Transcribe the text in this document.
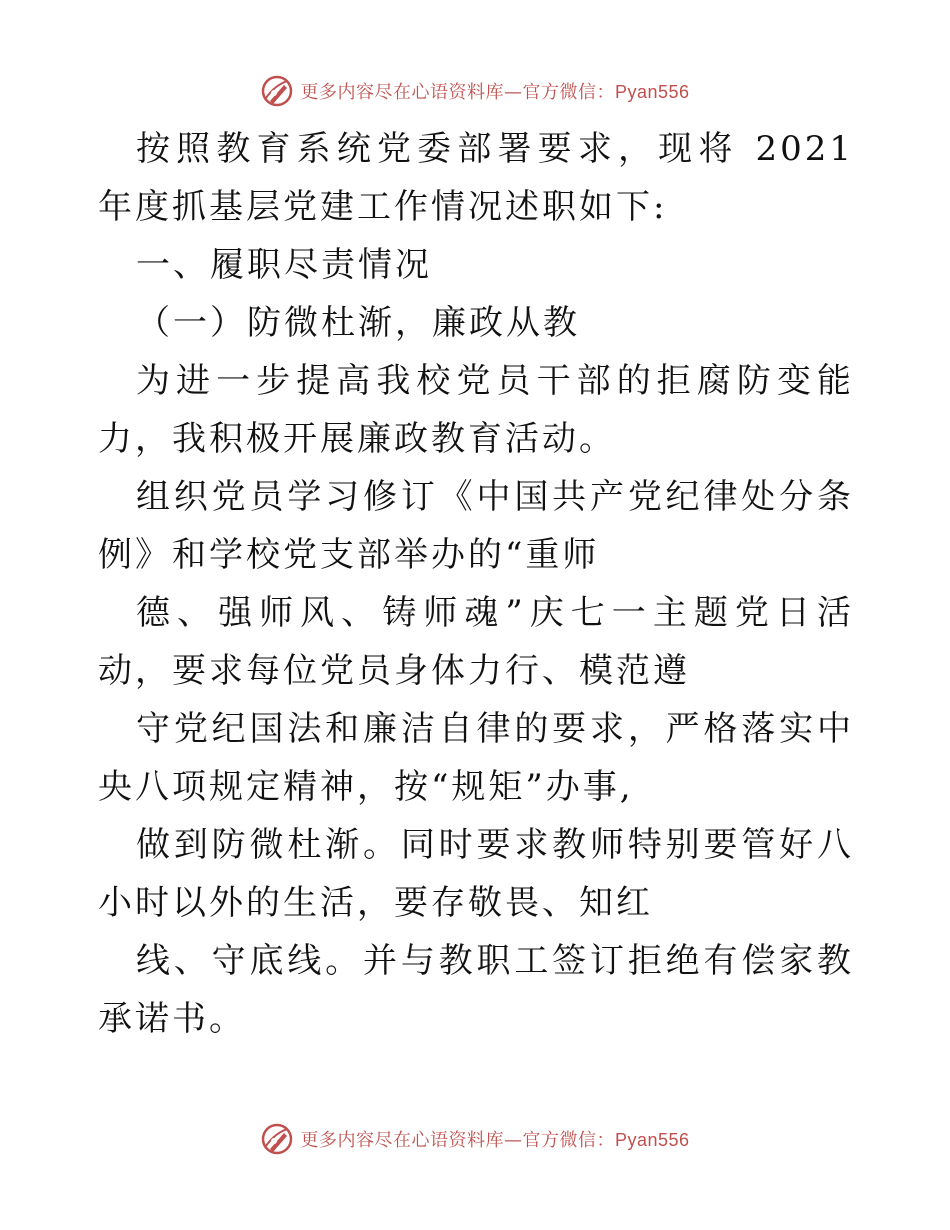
更多内容尽在心语资料库—官方微信：Pyan556

按照教育系统党委部署要求，现将 2021 年度抓基层党建工作情况述职如下:

一、履职尽责情况

（一）防微杜渐，廉政从教

为进一步提高我校党员干部的拒腐防变能力，我积极开展廉政教育活动。

组织党员学习修订《中国共产党纪律处分条例》和学校党支部举办的“重师

德、强师风、铸师魂”庆七一主题党日活动，要求每位党员身体力行、模范遵

守党纪国法和廉洁自律的要求，严格落实中央八项规定精神，按“规矩”办事,

做到防微杜渐。同时要求教师特别要管好八小时以外的生活，要存敬畏、知红

线、守底线。并与教职工签订拒绝有偿家教承诺书。

更多内容尽在心语资料库—官方微信：Pyan556
